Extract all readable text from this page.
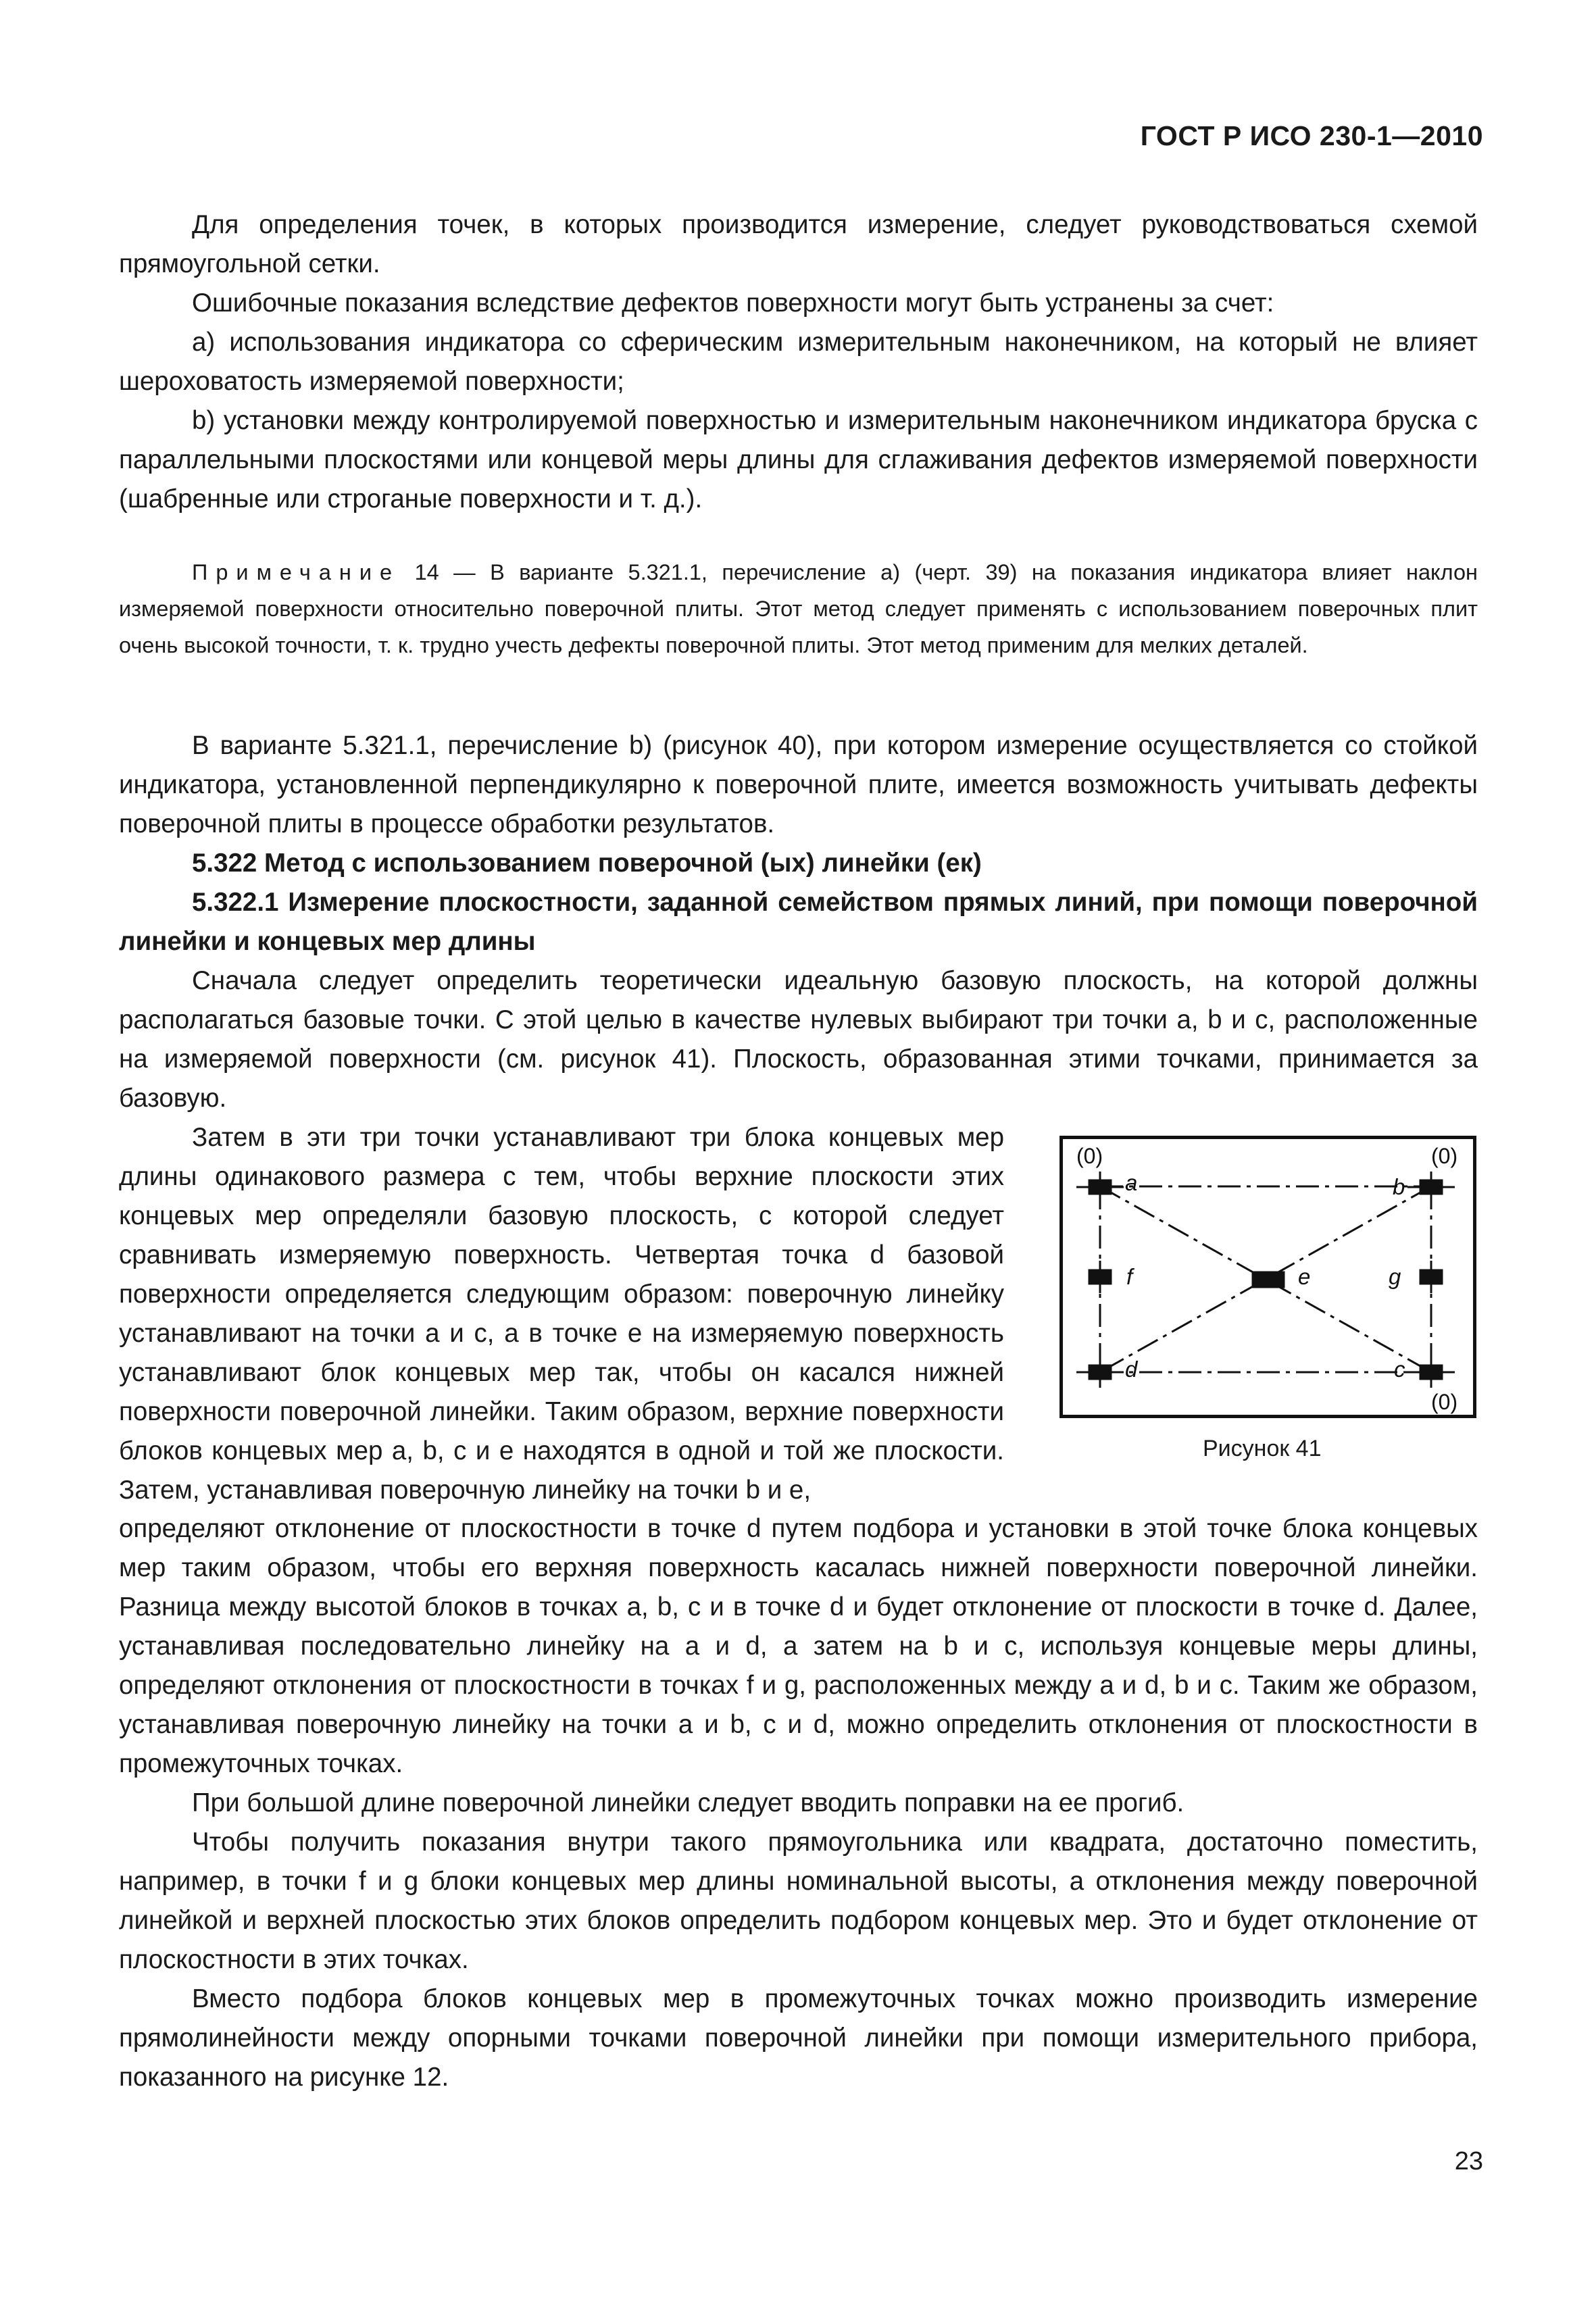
ГОСТ Р ИСО 230-1—2010

Для определения точек, в которых производится измерение, следует руководствоваться схемой прямоугольной сетки.

Ошибочные показания вследствие дефектов поверхности могут быть устранены за счет:

а) использования индикатора со сферическим измерительным наконечником, на который не влияет шероховатость измеряемой поверхности;

b) установки между контролируемой поверхностью и измерительным наконечником индикатора бруска с параллельными плоскостями или концевой меры длины для сглаживания дефектов измеряемой поверхности (шабренные или строганые поверхности и т. д.).

Примечание 14 — В варианте 5.321.1, перечисление а) (черт. 39) на показания индикатора влияет наклон измеряемой поверхности относительно поверочной плиты. Этот метод следует применять с использованием поверочных плит очень высокой точности, т. к. трудно учесть дефекты поверочной плиты. Этот метод применим для мелких деталей.

В варианте 5.321.1, перечисление b) (рисунок 40), при котором измерение осуществляется со стойкой индикатора, установленной перпендикулярно к поверочной плите, имеется возможность учитывать дефекты поверочной плиты в процессе обработки результатов.

5.322 Метод с использованием поверочной (ых) линейки (ек)

5.322.1 Измерение плоскостности, заданной семейством прямых линий, при помощи поверочной линейки и концевых мер длины

Сначала следует определить теоретически идеальную базовую плоскость, на которой должны располагаться базовые точки. С этой целью в качестве нулевых выбирают три точки а, b и с, расположенные на измеряемой поверхности (см. рисунок 41). Плоскость, образованная этими точками, принимается за базовую.

Затем в эти три точки устанавливают три блока концевых мер длины одинакового размера с тем, чтобы верхние плоскости этих концевых мер определяли базовую плоскость, с которой следует сравнивать измеряемую поверхность. Четвертая точка d базовой поверхности определяется следующим образом: поверочную линейку устанавливают на точки а и с, а в точке е на измеряемую поверхность устанавливают блок концевых мер так, чтобы он касался нижней поверхности поверочной линейки. Таким образом, верхние поверхности блоков концевых мер а, b, с и е находятся в одной и той же плоскости. Затем, устанавливая поверочную линейку на точки b и е,

(0)	(0)
(0)
a	b
f	e	g
d	c
Рисунок 41

определяют отклонение от плоскостности в точке d путем подбора и установки в этой точке блока концевых мер таким образом, чтобы его верхняя поверхность касалась нижней поверхности поверочной линейки. Разница между высотой блоков в точках а, b, с и в точке d и будет отклонение от плоскости в точке d. Далее, устанавливая последовательно линейку на а и d, а затем на b и с, используя концевые меры длины, определяют отклонения от плоскостности в точках f и g, расположенных между а и d, b и с. Таким же образом, устанавливая поверочную линейку на точки а и b, с и d, можно определить отклонения от плоскостности в промежуточных точках.

При большой длине поверочной линейки следует вводить поправки на ее прогиб.

Чтобы получить показания внутри такого прямоугольника или квадрата, достаточно поместить, например, в точки f и g блоки концевых мер длины номинальной высоты, а отклонения между поверочной линейкой и верхней плоскостью этих блоков определить подбором концевых мер. Это и будет отклонение от плоскостности в этих точках.

Вместо подбора блоков концевых мер в промежуточных точках можно производить измерение прямолинейности между опорными точками поверочной линейки при помощи измерительного прибора, показанного на рисунке 12.

23
